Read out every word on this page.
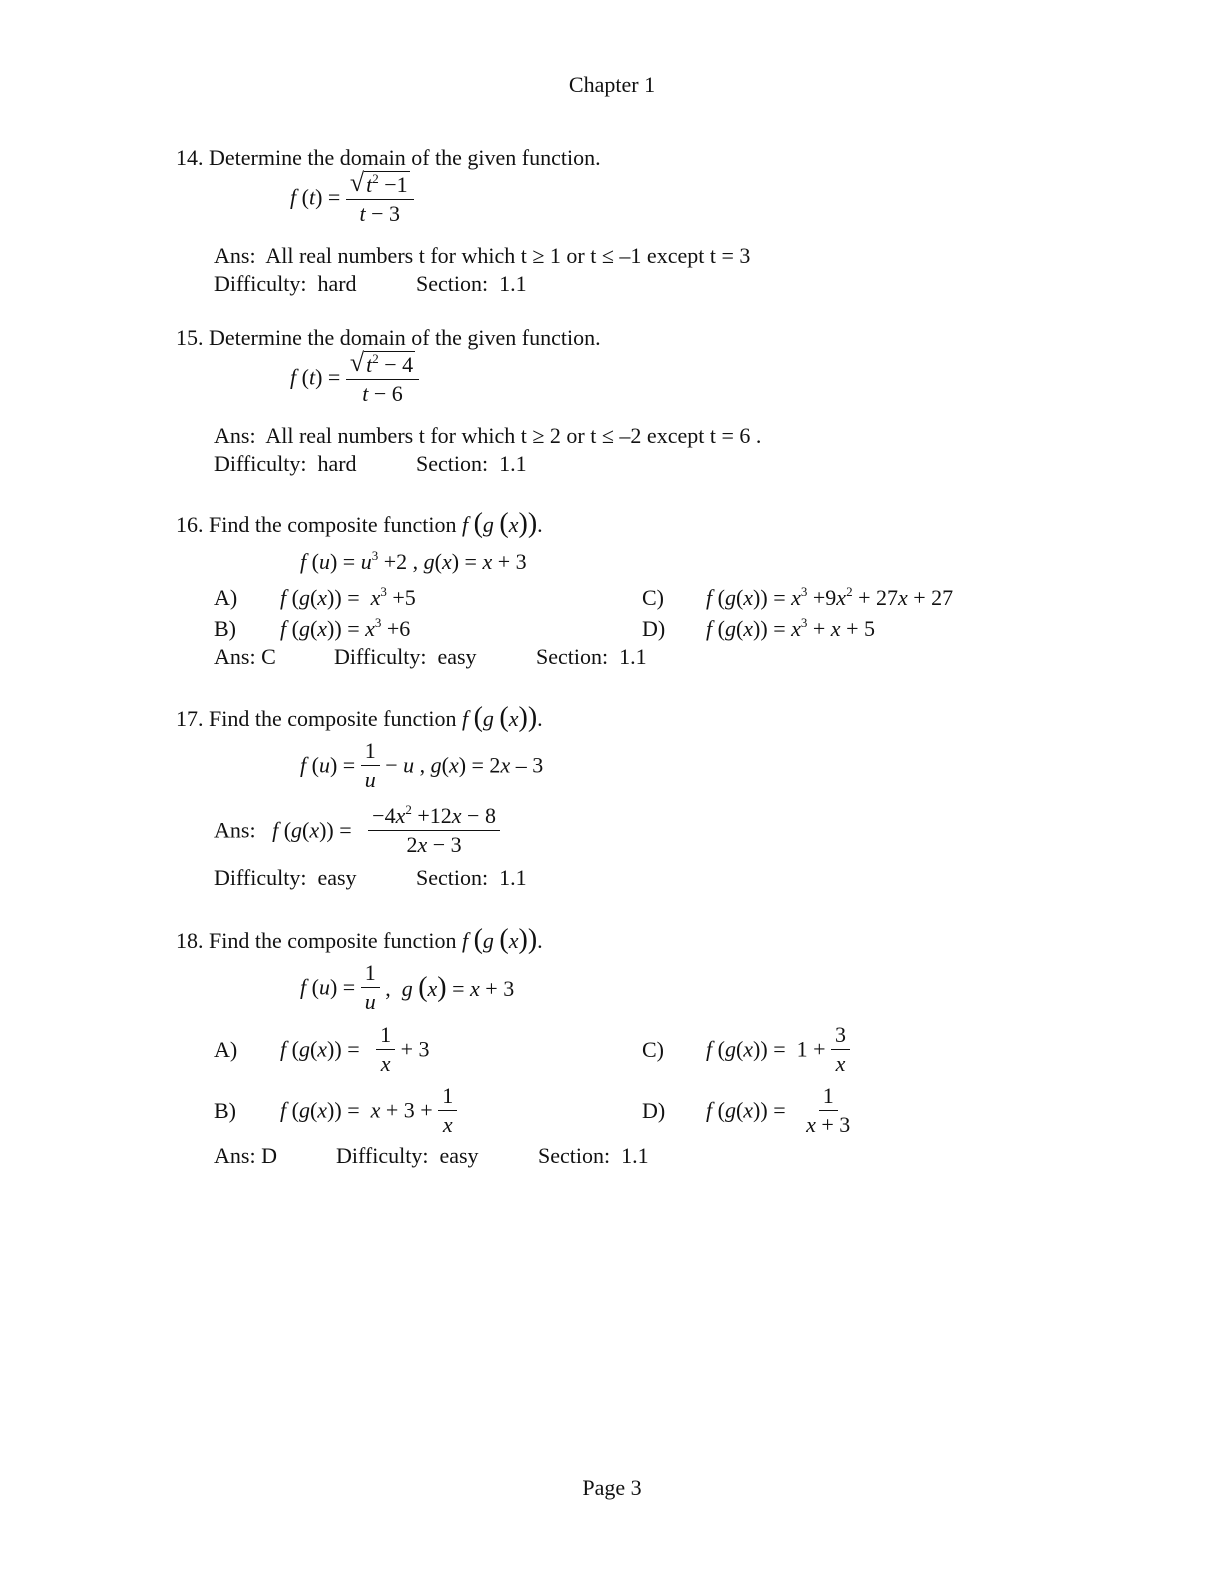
Chapter 1
14. Determine the domain of the given function.
f $(t) = \frac{√ t^2 -1}{t - 3}$
Ans: All real numbers t for which t ≥ 1 or t ≤ –1 except t = 3
Difficulty: hard	Section: 1.1
15. Determine the domain of the given function.
f $(t) = \frac{√ t^2 - 4}{t - 6}$
Ans: All real numbers t for which t ≥ 2 or t ≤ –2 except t = 6 .
Difficulty: hard	Section: 1.1
16. Find the composite function f (g (x)).
f $(u) = u^3 +2$ , g(x) = x + 3
A) f $(g(x)) = x^3 +5$
B) f $(g(x)) = x^3 +6$
C) f $(g(x)) = x^3 +9x^2 + 27x + 27$
D) f $(g(x)) = x^3 + x + 5$
Ans: C	Difficulty: easy	Section: 1.1
17. Find the composite function f (g (x)).
f $(u) = \frac{1}{u} - u$ , g(x) = 2x – 3
Ans: f $(g(x)) = \frac{-4x^2 +12x - 8}{2x - 3}$
Difficulty: easy	Section: 1.1
18. Find the composite function f (g (x)).
f $(u) = \frac{1}{u}$ ,  g (x) = x + 3
A) f $(g(x)) = \frac{1}{x} + 3$	C) f $(g(x)) = 1 + \frac{3}{x}$
B) f $(g(x)) = x + 3 + \frac{1}{x}$	D) f $(g(x)) = \frac{1}{x + 3}$
Ans: D	Difficulty: easy	Section: 1.1
Page 3
